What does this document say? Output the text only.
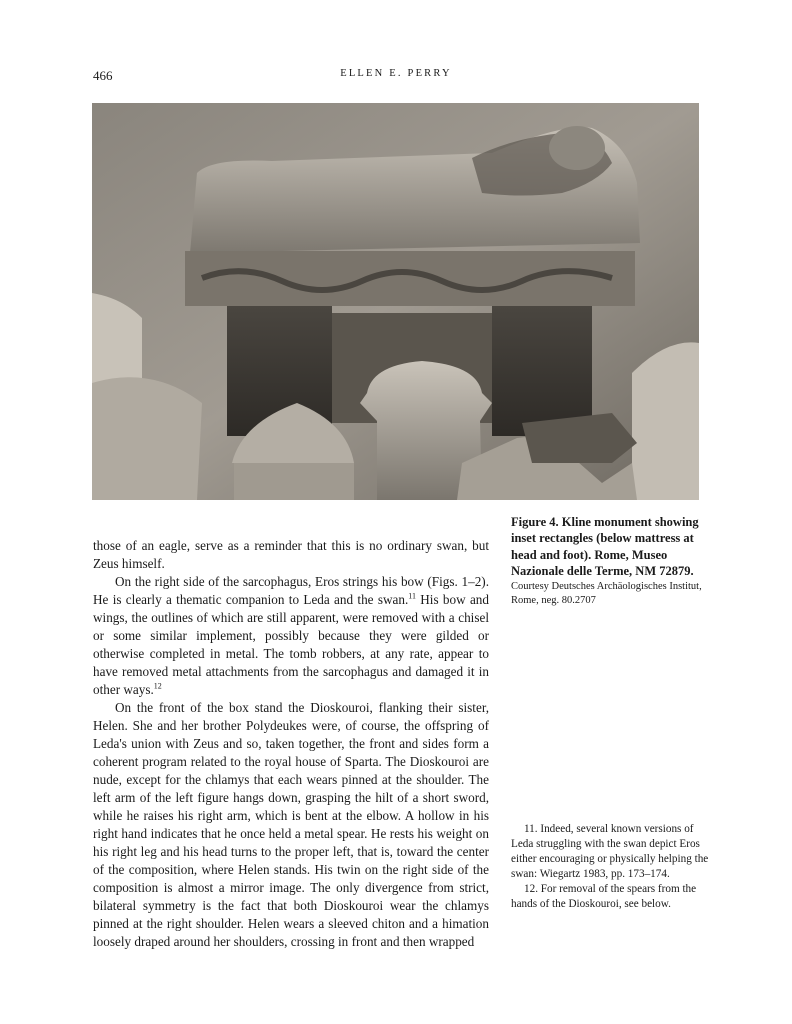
466	ELLEN E. PERRY
Figure 4. Kline monument showing inset rectangles (below mattress at head and foot). Rome, Museo Nazionale delle Terme, NM 72879.
Courtesy Deutsches Archäologisches Institut, Rome, neg. 80.2707

those of an eagle, serve as a reminder that this is no ordinary swan, but Zeus himself.

On the right side of the sarcophagus, Eros strings his bow (Figs. 1–2). He is clearly a thematic companion to Leda and the swan.$^{11}$ His bow and wings, the outlines of which are still apparent, were removed with a chisel or some similar implement, possibly because they were gilded or otherwise completed in metal. The tomb robbers, at any rate, appear to have removed metal attachments from the sarcophagus and damaged it in other ways.$^{12}$

On the front of the box stand the Dioskouroi, flanking their sister, Helen. She and her brother Polydeukes were, of course, the offspring of Leda's union with Zeus and so, taken together, the front and sides form a coherent program related to the royal house of Sparta. The Dioskouroi are nude, except for the chlamys that each wears pinned at the shoulder. The left arm of the left figure hangs down, grasping the hilt of a short sword, while he raises his right arm, which is bent at the elbow. A hollow in his right hand indicates that he once held a metal spear. He rests his weight on his right leg and his head turns to the proper left, that is, toward the center of the composition, where Helen stands. His twin on the right side of the composition is almost a mirror image. The only divergence from strict, bilateral symmetry is the fact that both Dioskouroi wear the chlamys pinned at the right shoulder. Helen wears a sleeved chiton and a himation loosely draped around her shoulders, crossing in front and then wrapped

11. Indeed, several known versions of Leda struggling with the swan depict Eros either encouraging or physically helping the swan: Wiegartz 1983, pp. 173–174.

12. For removal of the spears from the hands of the Dioskouroi, see below.
